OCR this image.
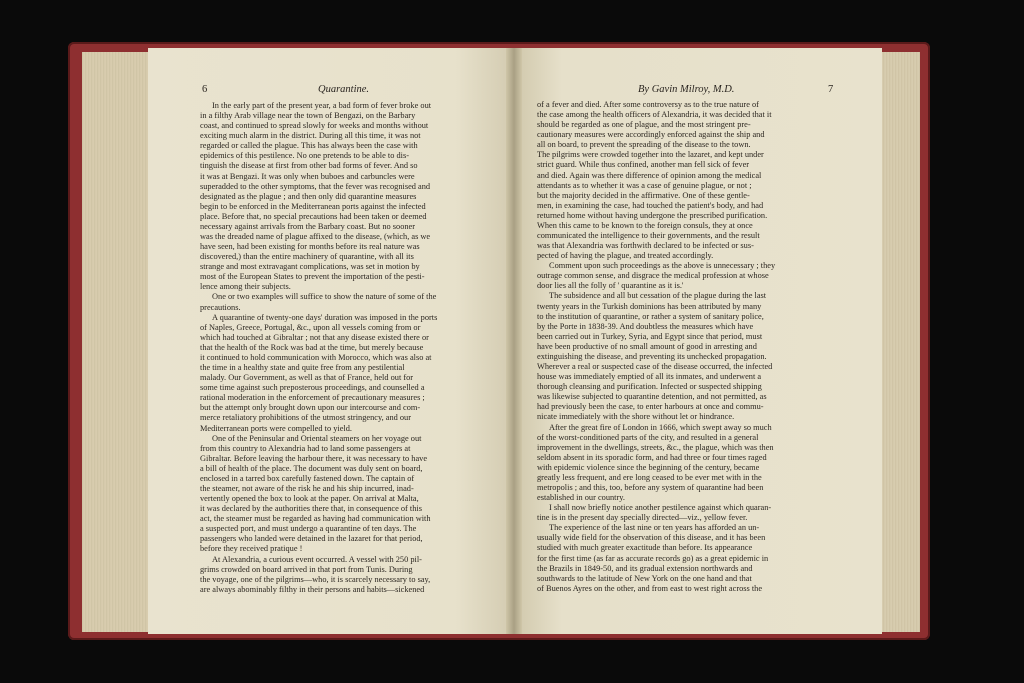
6	Quarantine.	By Gavin Milroy, M.D.	7
In the early part of the present year, a bad form of fever broke out
in a filthy Arab village near the town of Bengazi, on the Barbary
coast, and continued to spread slowly for weeks and months without
exciting much alarm in the district. During all this time, it was not
regarded or called the plague. This has always been the case with
epidemics of this pestilence. No one pretends to be able to dis-
tinguish the disease at first from other bad forms of fever. And so
it was at Bengazi. It was only when buboes and carbuncles were
superadded to the other symptoms, that the fever was recognised and
designated as the plague ; and then only did quarantine measures
begin to be enforced in the Mediterranean ports against the infected
place. Before that, no special precautions had been taken or deemed
necessary against arrivals from the Barbary coast. But no sooner
was the dreaded name of plague affixed to the disease, (which, as we
have seen, had been existing for months before its real nature was
discovered,) than the entire machinery of quarantine, with all its
strange and most extravagant complications, was set in motion by
most of the European States to prevent the importation of the pesti-
lence among their subjects.
One or two examples will suffice to show the nature of some of the
precautions.
A quarantine of twenty-one days' duration was imposed in the ports
of Naples, Greece, Portugal, &c., upon all vessels coming from or
which had touched at Gibraltar ; not that any disease existed there or
that the health of the Rock was bad at the time, but merely because
it continued to hold communication with Morocco, which was also at
the time in a healthy state and quite free from any pestilential
malady. Our Government, as well as that of France, held out for
some time against such preposterous proceedings, and counselled a
rational moderation in the enforcement of precautionary measures ;
but the attempt only brought down upon our intercourse and com-
merce retaliatory prohibitions of the utmost stringency, and our
Mediterranean ports were compelled to yield.
One of the Peninsular and Oriental steamers on her voyage out
from this country to Alexandria had to land some passengers at
Gibraltar. Before leaving the harbour there, it was necessary to have
a bill of health of the place. The document was duly sent on board,
enclosed in a tarred box carefully fastened down. The captain of
the steamer, not aware of the risk he and his ship incurred, inad-
vertently opened the box to look at the paper. On arrival at Malta,
it was declared by the authorities there that, in consequence of this
act, the steamer must be regarded as having had communication with
a suspected port, and must undergo a quarantine of ten days. The
passengers who landed were detained in the lazaret for that period,
before they received pratique !
At Alexandria, a curious event occurred. A vessel with 250 pil-
grims crowded on board arrived in that port from Tunis. During
the voyage, one of the pilgrims—who, it is scarcely necessary to say,
are always abominably filthy in their persons and habits—sickened
of a fever and died. After some controversy as to the true nature of
the case among the health officers of Alexandria, it was decided that it
should be regarded as one of plague, and the most stringent pre-
cautionary measures were accordingly enforced against the ship and
all on board, to prevent the spreading of the disease to the town.
The pilgrims were crowded together into the lazaret, and kept under
strict guard. While thus confined, another man fell sick of fever
and died. Again was there difference of opinion among the medical
attendants as to whether it was a case of genuine plague, or not ;
but the majority decided in the affirmative. One of these gentle-
men, in examining the case, had touched the patient's body, and had
returned home without having undergone the prescribed purification.
When this came to be known to the foreign consuls, they at once
communicated the intelligence to their governments, and the result
was that Alexandria was forthwith declared to be infected or sus-
pected of having the plague, and treated accordingly.
Comment upon such proceedings as the above is unnecessary ; they
outrage common sense, and disgrace the medical profession at whose
door lies all the folly of ' quarantine as it is.'
The subsidence and all but cessation of the plague during the last
twenty years in the Turkish dominions has been attributed by many
to the institution of quarantine, or rather a system of sanitary police,
by the Porte in 1838-39. And doubtless the measures which have
been carried out in Turkey, Syria, and Egypt since that period, must
have been productive of no small amount of good in arresting and
extinguishing the disease, and preventing its unchecked propagation.
Wherever a real or suspected case of the disease occurred, the infected
house was immediately emptied of all its inmates, and underwent a
thorough cleansing and purification. Infected or suspected shipping
was likewise subjected to quarantine detention, and not permitted, as
had previously been the case, to enter harbours at once and commu-
nicate immediately with the shore without let or hindrance.
After the great fire of London in 1666, which swept away so much
of the worst-conditioned parts of the city, and resulted in a general
improvement in the dwellings, streets, &c., the plague, which was then
seldom absent in its sporadic form, and had three or four times raged
with epidemic violence since the beginning of the century, became
greatly less frequent, and ere long ceased to be ever met with in the
metropolis ; and this, too, before any system of quarantine had been
established in our country.
I shall now briefly notice another pestilence against which quaran-
tine is in the present day specially directed—viz., yellow fever.
The experience of the last nine or ten years has afforded an un-
usually wide field for the observation of this disease, and it has been
studied with much greater exactitude than before. Its appearance
for the first time (as far as accurate records go) as a great epidemic in
the Brazils in 1849-50, and its gradual extension northwards and
southwards to the latitude of New York on the one hand and that
of Buenos Ayres on the other, and from east to west right across the
